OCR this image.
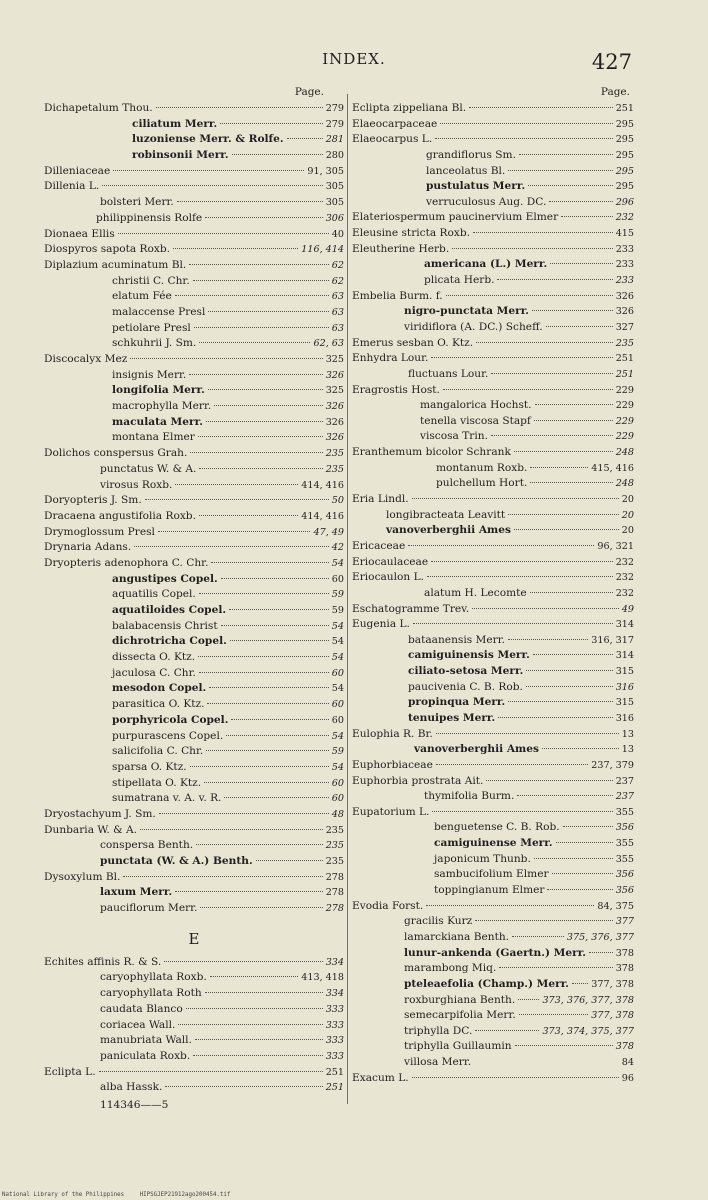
INDEX.	427
Page.
Dichapetalum Thou.	279
ciliatum Merr.	279
luzoniense Merr. & Rolfe.	281
robinsonii Merr.	280
Dilleniaceae	91, 305
Dillenia L.	305
bolsteri Merr.	305
philippinensis Rolfe	306
Dionaea Ellis	40
Diospyros sapota Roxb.	116, 414
Diplazium acuminatum Bl.	62
christii C. Chr.	62
elatum Fée	63
malaccense Presl	63
petiolare Presl	63
schkuhrii J. Sm.	62, 63
Discocalyx Mez	325
insignis Merr.	326
longifolia Merr.	325
macrophylla Merr.	326
maculata Merr.	326
montana Elmer	326
Dolichos conspersus Grah.	235
punctatus W. & A.	235
virosus Roxb.	414, 416
Doryopteris J. Sm.	50
Dracaena angustifolia Roxb.	414, 416
Drymoglossum Presl	47, 49
Drynaria Adans.	42
Dryopteris adenophora C. Chr.	54
angustipes Copel.	60
aquatilis Copel.	59
aquatiloides Copel.	59
balabacensis Christ	54
dichrotricha Copel.	54
dissecta O. Ktz.	54
jaculosa C. Chr.	60
mesodon Copel.	54
parasitica O. Ktz.	60
porphyricola Copel.	60
purpurascens Copel.	54
salicifolia C. Chr.	59
sparsa O. Ktz.	54
stipellata O. Ktz.	60
sumatrana v. A. v. R.	60
Dryostachyum J. Sm.	48
Dunbaria W. & A.	235
conspersa Benth.	235
punctata (W. & A.) Benth.	235
Dysoxylum Bl.	278
laxum Merr.	278
pauciflorum Merr.	278
E
Echites affinis R. & S.	334
caryophyllata Roxb.	413, 418
caryophyllata Roth	334
caudata Blanco	333
coriacea Wall.	333
manubriata Wall.	333
paniculata Roxb.	333
Eclipta L.	251
alba Hassk.	251
114346——5
Page.
Eclipta zippeliana Bl.	251
Elaeocarpaceae	295
Elaeocarpus L.	295
grandiflorus Sm.	295
lanceolatus Bl.	295
pustulatus Merr.	295
verruculosus Aug. DC.	296
Elateriospermum paucinervium Elmer	232
Eleusine stricta Roxb.	415
Eleutherine Herb.	233
americana (L.) Merr.	233
plicata Herb.	233
Embelia Burm. f.	326
nigro-punctata Merr.	326
viridiflora (A. DC.) Scheff.	327
Emerus sesban O. Ktz.	235
Enhydra Lour.	251
fluctuans Lour.	251
Eragrostis Host.	229
mangalorica Hochst.	229
tenella viscosa Stapf	229
viscosa Trin.	229
Eranthemum bicolor Schrank	248
montanum Roxb.	415, 416
pulchellum Hort.	248
Eria Lindl.	20
longibracteata Leavitt	20
vanoverberghii Ames	20
Ericaceae	96, 321
Eriocaulaceae	232
Eriocaulon L.	232
alatum H. Lecomte	232
Eschatogramme Trev.	49
Eugenia L.	314
bataanensis Merr.	316, 317
camiguinensis Merr.	314
ciliato-setosa Merr.	315
paucivenia C. B. Rob.	316
propinqua Merr.	315
tenuipes Merr.	316
Eulophia R. Br.	13
vanoverberghii Ames	13
Euphorbiaceae	237, 379
Euphorbia prostrata Ait.	237
thymifolia Burm.	237
Eupatorium L.	355
benguetense C. B. Rob.	356
camiguinense Merr.	355
japonicum Thunb.	355
sambucifolium Elmer	356
toppingianum Elmer	356
Evodia Forst.	84, 375
gracilis Kurz	377
lamarckiana Benth.	375, 376, 377
lunur-ankenda (Gaertn.) Merr.	378
marambong Miq.	378
pteleaefolia (Champ.) Merr. 377, 378
roxburghiana Benth.	373, 376, 377, 378
semecarpifolia Merr.	377, 378
triphylla DC.	373, 374, 375, 377
triphylla Guillaumin	378
villosa Merr.	84
Exacum L.	96
National Library of the Philippines	HIPSGJEP21912ago200454.tif
